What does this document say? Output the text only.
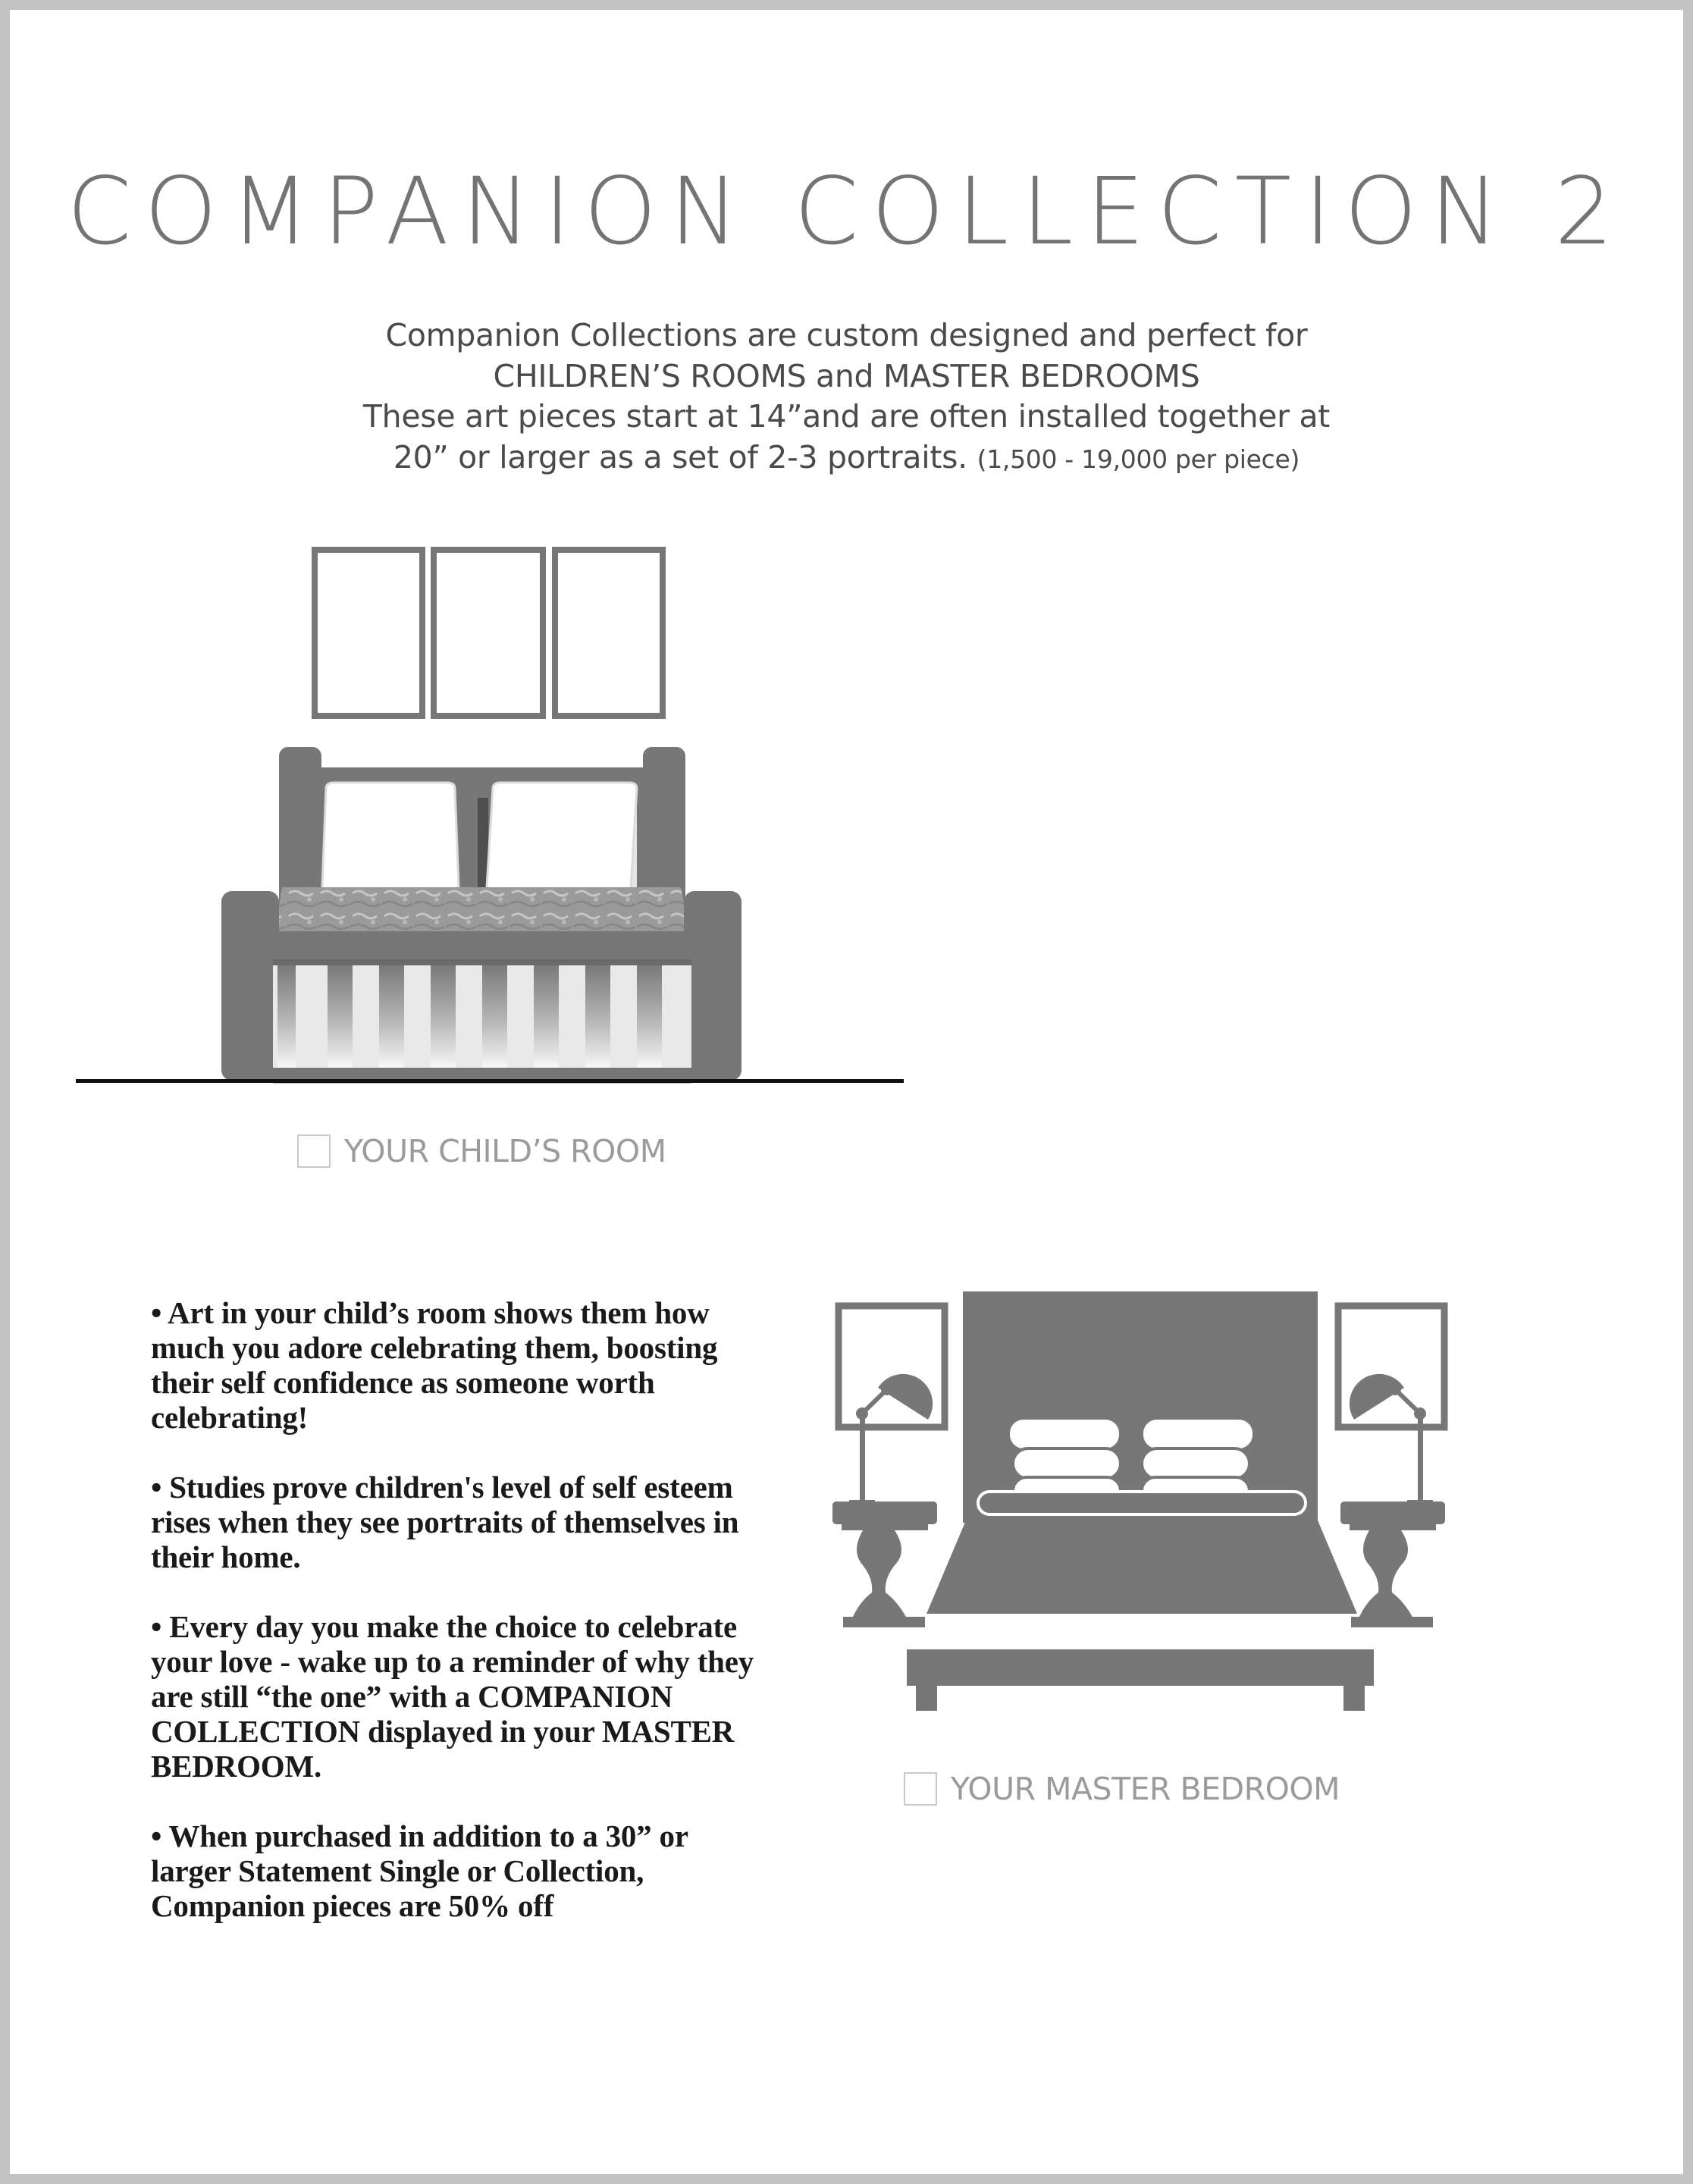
COMPANION COLLECTION 2
Companion Collections are custom designed and perfect for
CHILDREN’S ROOMS and MASTER BEDROOMS
These art pieces start at 14”and are often installed together at
20” or larger as a set of 2-3 portraits. (1,500 - 19,000 per piece)
YOUR CHILD’S ROOM
YOUR MASTER BEDROOM

• Art in your child’s room shows them how much you adore celebrating them, boosting their self confidence as someone worth celebrating!

• Studies prove children's level of self esteem rises when they see portraits of themselves in their home.

• Every day you make the choice to celebrate your love - wake up to a reminder of why they are still “the one” with a COMPANION COLLECTION displayed in your MASTER BEDROOM.

• When purchased in addition to a 30” or larger Statement Single or Collection, Companion pieces are 50% off
